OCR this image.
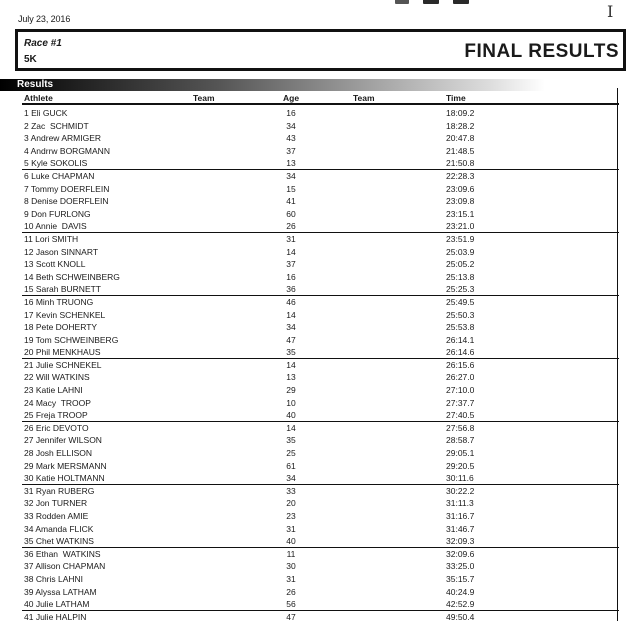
I
July 23, 2016
Race #1
5K	FINAL RESULTS
Results
Athlete	Team	Age	Team	Time
1 Eli GUCK	16	18:09.2
2 Zac  SCHMIDT	34	18:28.2
3 Andrew ARMIGER	43	20:47.8
4 Andrrw BORGMANN	37	21:48.5
5 Kyle SOKOLIS	13	21:50.8
6 Luke CHAPMAN	34	22:28.3
7 Tommy DOERFLEIN	15	23:09.6
8 Denise DOERFLEIN	41	23:09.8
9 Don FURLONG	60	23:15.1
10 Annie  DAVIS	26	23:21.0
11 Lori SMITH	31	23:51.9
12 Jason SINNART	14	25:03.9
13 Scott KNOLL	37	25:05.2
14 Beth SCHWEINBERG	16	25:13.8
15 Sarah BURNETT	36	25:25.3
16 Minh TRUONG	46	25:49.5
17 Kevin SCHENKEL	14	25:50.3
18 Pete DOHERTY	34	25:53.8
19 Tom SCHWEINBERG	47	26:14.1
20 Phil MENKHAUS	35	26:14.6
21 Julie SCHNEKEL	14	26:15.6
22 Will WATKINS	13	26:27.0
23 Katie LAHNI	29	27:10.0
24 Macy  TROOP	10	27:37.7
25 Freja TROOP	40	27:40.5
26 Eric DEVOTO	14	27:56.8
27 Jennifer WILSON	35	28:58.7
28 Josh ELLISON	25	29:05.1
29 Mark MERSMANN	61	29:20.5
30 Katie HOLTMANN	34	30:11.6
31 Ryan RUBERG	33	30:22.2
32 Jon TURNER	20	31:11.3
33 Rodden AMIE	23	31:16.7
34 Amanda FLICK	31	31:46.7
35 Chet WATKINS	40	32:09.3
36 Ethan  WATKINS	11	32:09.6
37 Allison CHAPMAN	30	33:25.0
38 Chris LAHNI	31	35:15.7
39 Alyssa LATHAM	26	40:24.9
40 Julie LATHAM	56	42:52.9
41 Julie HALPIN	47	49:50.4
